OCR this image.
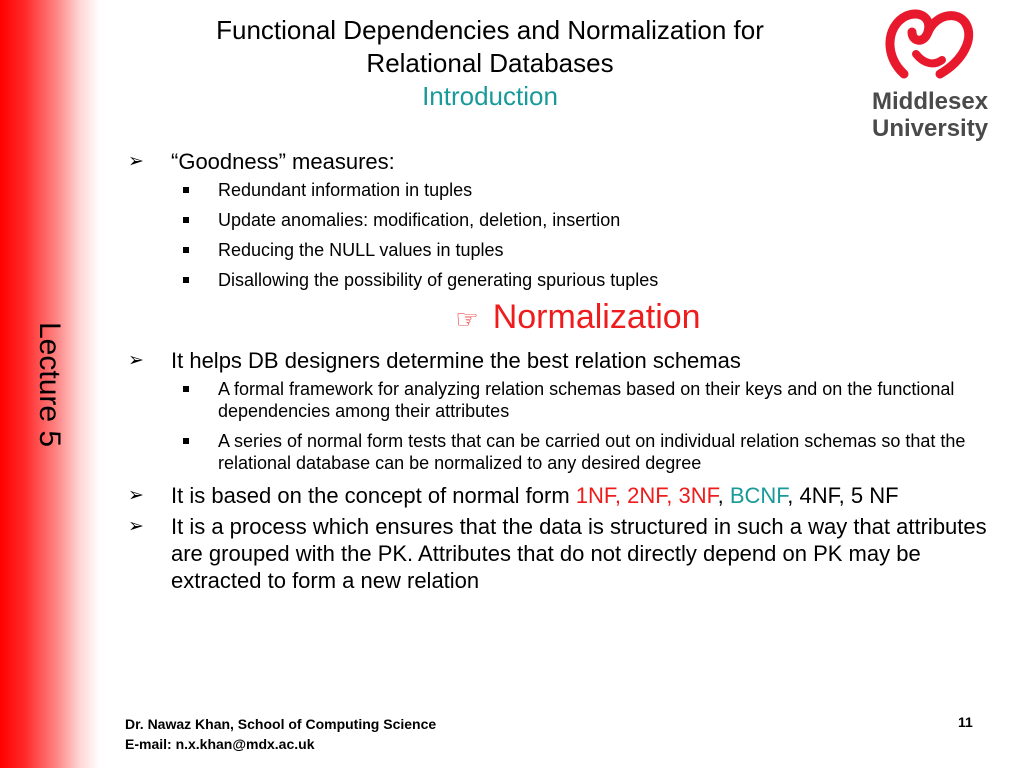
Lecture 5
Functional Dependencies and Normalization for
Relational Databases
Introduction	Middlesex
University
➢ “Goodness” measures:
Redundant information in tuples
Update anomalies: modification, deletion, insertion
Reducing the NULL values in tuples
Disallowing the possibility of generating spurious tuples
☞ Normalization
➢ It helps DB designers determine the best relation schemas
A formal framework for analyzing relation schemas based on their keys and on the functional dependencies among their attributes
A series of normal form tests that can be carried out on individual relation schemas so that the relational database can be normalized to any desired degree
➢ It is based on the concept of normal form 1NF, 2NF, 3NF, BCNF, 4NF, 5 NF
➢ It is a process which ensures that the data is structured in such a way that attributes are grouped with the PK. Attributes that do not directly depend on PK may be extracted to form a new relation
Dr. Nawaz Khan, School of Computing Science
E-mail: n.x.khan@mdx.ac.uk
11
